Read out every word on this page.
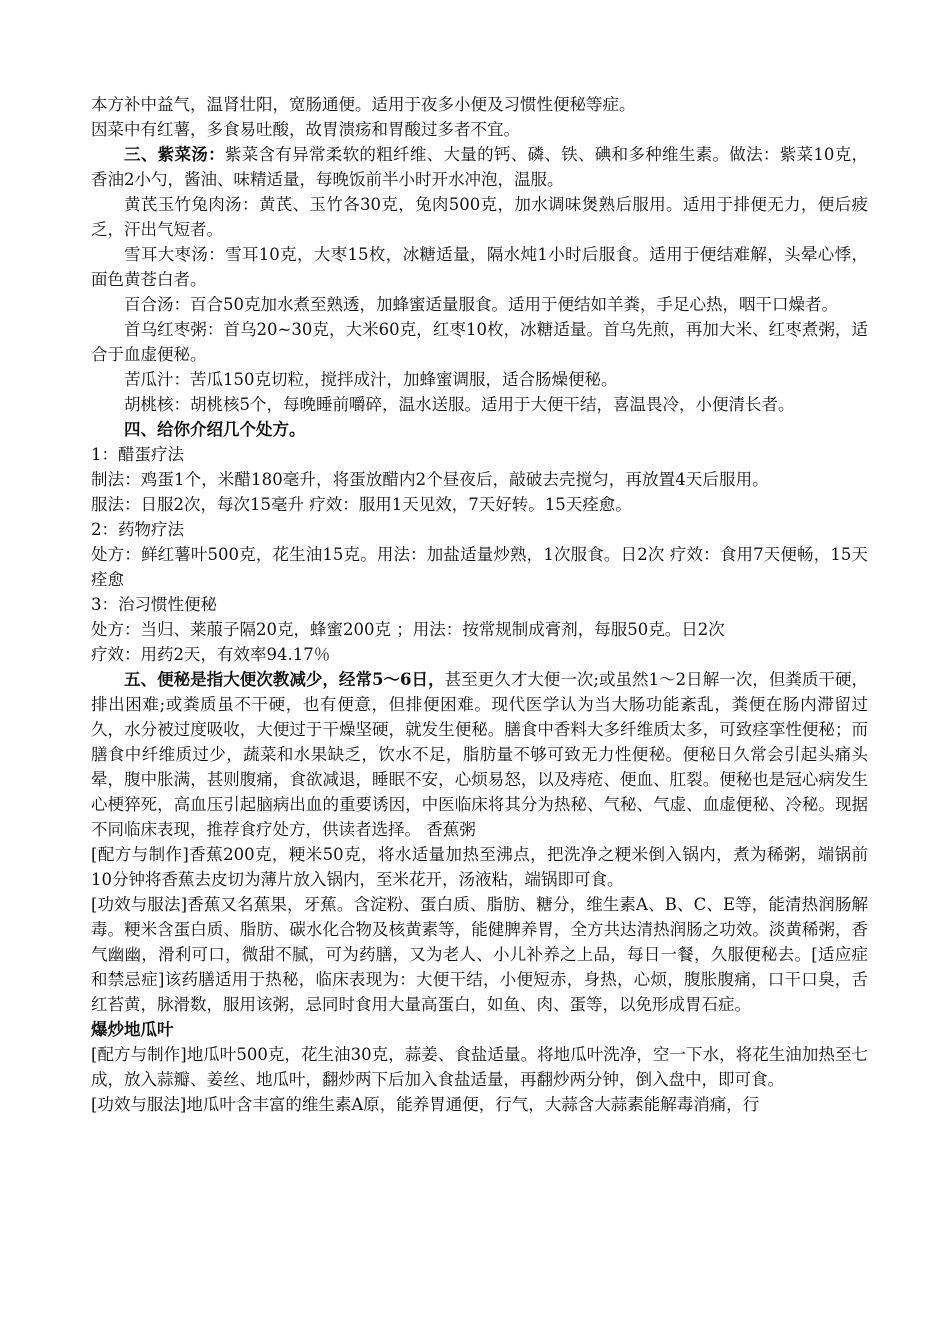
本方补中益气，温肾壮阳，宽肠通便。适用于夜多小便及习惯性便秘等症。

因菜中有红薯，多食易吐酸，故胃溃疡和胃酸过多者不宜。

三、紫菜汤：紫菜含有异常柔软的粗纤维、大量的钙、磷、铁、碘和多种维生素。做法：紫菜10克，香油2小勺，酱油、味精适量，每晚饭前半小时开水冲泡，温服。

黄芪玉竹兔肉汤：黄芪、玉竹各30克，兔肉500克，加水调味煲熟后服用。适用于排便无力，便后疲乏，汗出气短者。

雪耳大枣汤：雪耳10克，大枣15枚，冰糖适量，隔水炖1小时后服食。适用于便结难解，头晕心悸，面色黄苍白者。

百合汤：百合50克加水煮至熟透，加蜂蜜适量服食。适用于便结如羊粪，手足心热，咽干口燥者。

首乌红枣粥：首乌20~30克，大米60克，红枣10枚，冰糖适量。首乌先煎，再加大米、红枣煮粥，适合于血虚便秘。

苦瓜汁：苦瓜150克切粒，搅拌成汁，加蜂蜜调服，适合肠燥便秘。

胡桃核：胡桃核5个，每晚睡前嚼碎，温水送服。适用于大便干结，喜温畏冷，小便清长者。

四、给你介绍几个处方。

1：醋蛋疗法

制法：鸡蛋1个，米醋180毫升，将蛋放醋内2个昼夜后，敲破去壳搅匀，再放置4天后服用。

服法：日服2次，每次15毫升 疗效：服用1天见效，7天好转。15天痊愈。

2：药物疗法

处方：鲜红薯叶500克，花生油15克。用法：加盐适量炒熟，1次服食。日2次 疗效：食用7天便畅，15天痊愈

3：治习惯性便秘

处方：当归、莱菔子隔20克，蜂蜜200克 ；用法：按常规制成膏剂，每服50克。日2次

疗效：用药2天，有效率94.17％

五、便秘是指大便次教减少，经常5～6日，甚至更久才大便一次;或虽然1～2日解一次，但粪质干硬，排出困难;或粪质虽不干硬，也有便意，但排便困难。现代医学认为当大肠功能紊乱，粪便在肠内滞留过久，水分被过度吸收，大便过于干燥坚硬，就发生便秘。膳食中香料大多纤维质太多，可致痉挛性便秘；而膳食中纤维质过少，蔬菜和水果缺乏，饮水不足，脂肪量不够可致无力性便秘。便秘日久常会引起头痛头晕，腹中胀满，甚则腹痛，食欲减退，睡眠不安，心烦易怒，以及痔疮、便血、肛裂。便秘也是冠心病发生心梗猝死，高血压引起脑病出血的重要诱因，中医临床将其分为热秘、气秘、气虚、血虚便秘、冷秘。现据不同临床表现，推荐食疗处方，供读者选择。 香蕉粥

[配方与制作]香蕉200克，粳米50克，将水适量加热至沸点，把洗净之粳米倒入锅内，煮为稀粥，端锅前10分钟将香蕉去皮切为薄片放入锅内，至米花开，汤液粘，端锅即可食。

[功效与服法]香蕉又名蕉果，牙蕉。含淀粉、蛋白质、脂肪、糖分，维生素A、B、C、E等，能清热润肠解毒。粳米含蛋白质、脂肪、碳水化合物及核黄素等，能健脾养胃，全方共达清热润肠之功效。淡黄稀粥，香气幽幽，滑利可口，微甜不腻，可为药膳，又为老人、小儿补养之上品，每日一餐，久服便秘去。[适应症和禁忌症]该药膳适用于热秘，临床表现为：大便干结，小便短赤，身热，心烦，腹胀腹痛，口干口臭，舌红苔黄，脉滑数，服用该粥，忌同时食用大量高蛋白，如鱼、肉、蛋等，以免形成胃石症。

爆炒地瓜叶

[配方与制作]地瓜叶500克，花生油30克，蒜姜、食盐适量。将地瓜叶洗净，空一下水，将花生油加热至七成，放入蒜瓣、姜丝、地瓜叶，翻炒两下后加入食盐适量，再翻炒两分钟，倒入盘中，即可食。

[功效与服法]地瓜叶含丰富的维生素A原，能养胃通便，行气，大蒜含大蒜素能解毒消痛，行
